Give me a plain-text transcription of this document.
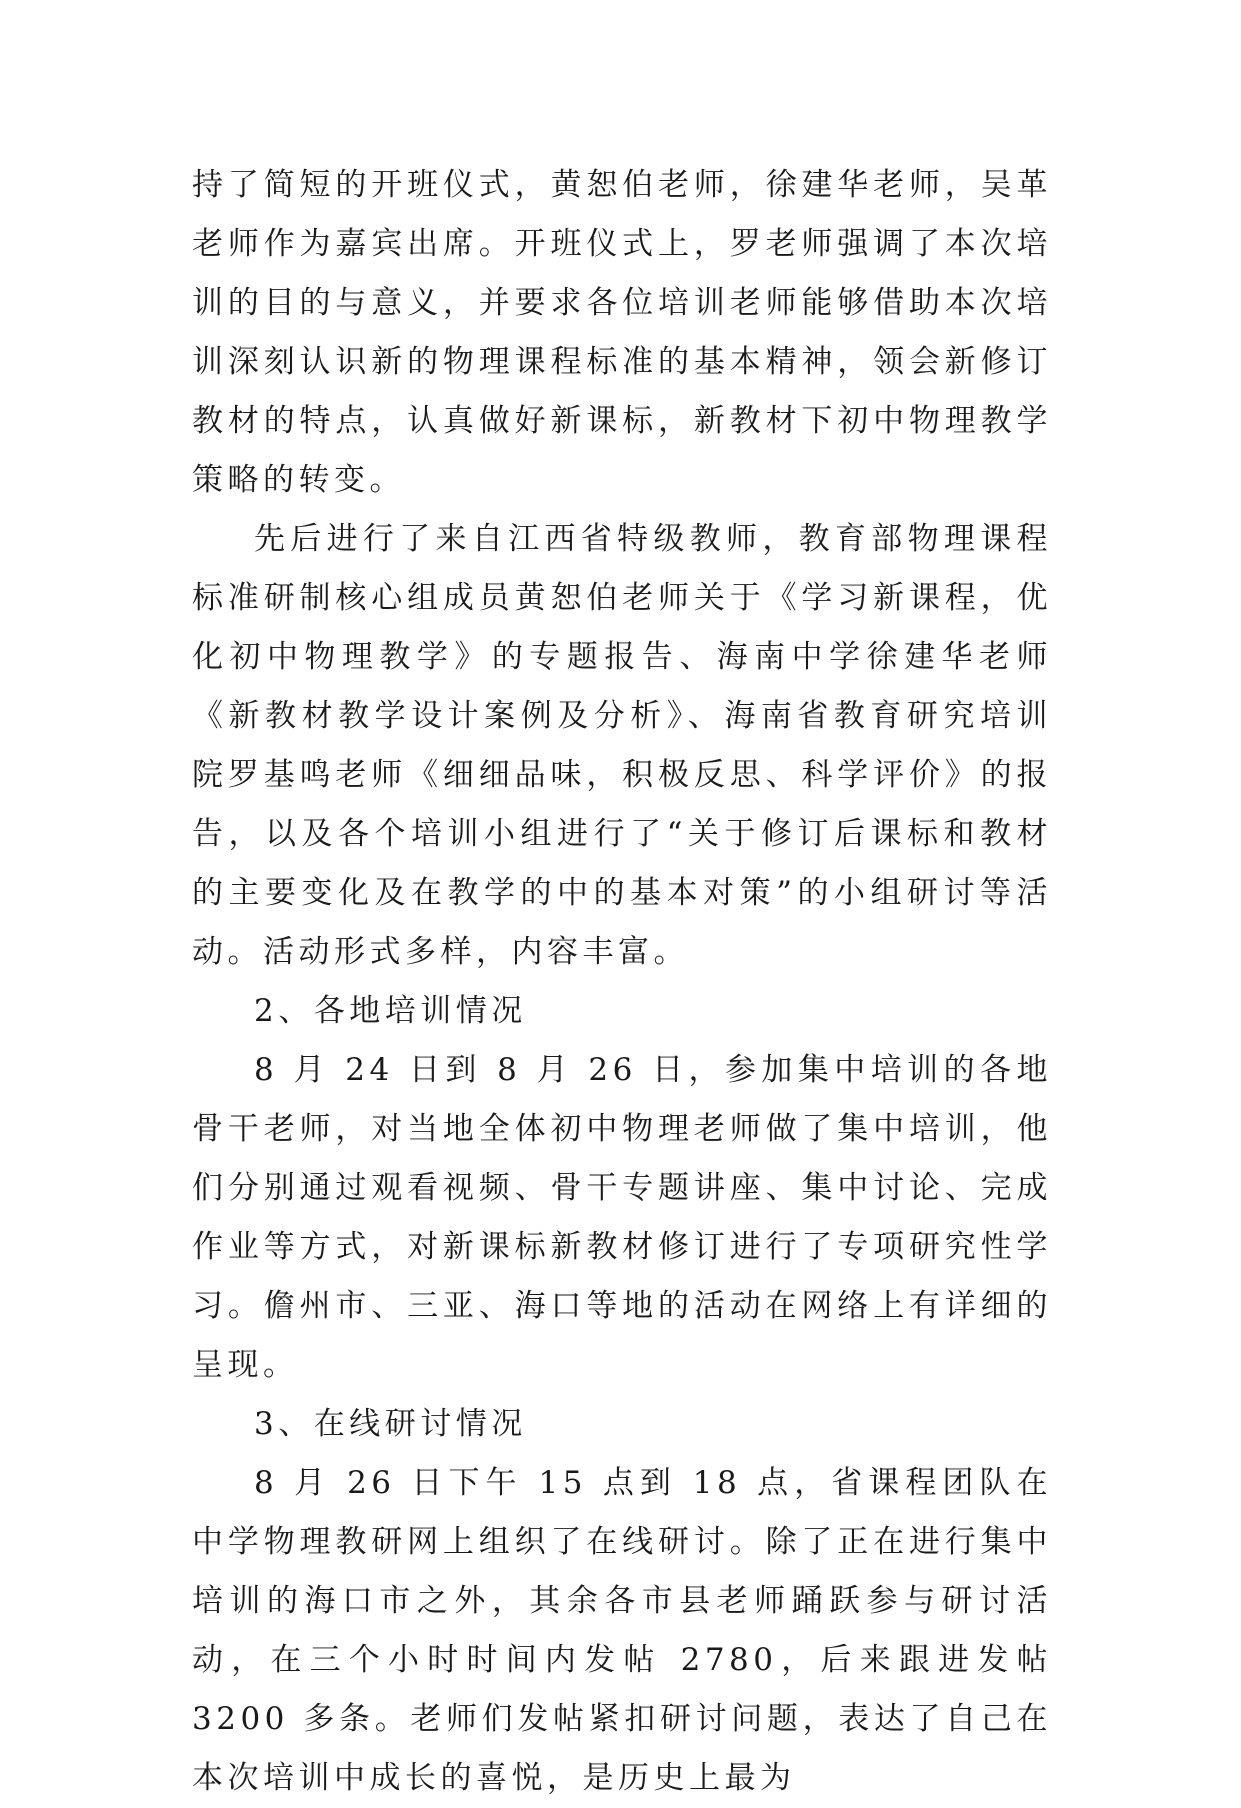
持了简短的开班仪式，黄恕伯老师，徐建华老师，吴革老师作为嘉宾出席。开班仪式上，罗老师强调了本次培训的目的与意义，并要求各位培训老师能够借助本次培训深刻认识新的物理课程标准的基本精神，领会新修订教材的特点，认真做好新课标，新教材下初中物理教学策略的转变。

先后进行了来自江西省特级教师，教育部物理课程标准研制核心组成员黄恕伯老师关于《学习新课程，优化初中物理教学》的专题报告、海南中学徐建华老师《新教材教学设计案例及分析》、海南省教育研究培训院罗基鸣老师《细细品味，积极反思、科学评价》的报告，以及各个培训小组进行了“关于修订后课标和教材的主要变化及在教学的中的基本对策”的小组研讨等活动。活动形式多样，内容丰富。

2、各地培训情况

8 月 24 日到 8 月 26 日，参加集中培训的各地骨干老师，对当地全体初中物理老师做了集中培训，他们分别通过观看视频、骨干专题讲座、集中讨论、完成作业等方式，对新课标新教材修订进行了专项研究性学习。儋州市、三亚、海口等地的活动在网络上有详细的呈现。

3、在线研讨情况

8 月 26 日下午 15 点到 18 点，省课程团队在中学物理教研网上组织了在线研讨。除了正在进行集中培训的海口市之外，其余各市县老师踊跃参与研讨活动，在三个小时时间内发帖 2780，后来跟进发帖 3200 多条。老师们发帖紧扣研讨问题，表达了自己在本次培训中成长的喜悦，是历史上最为
